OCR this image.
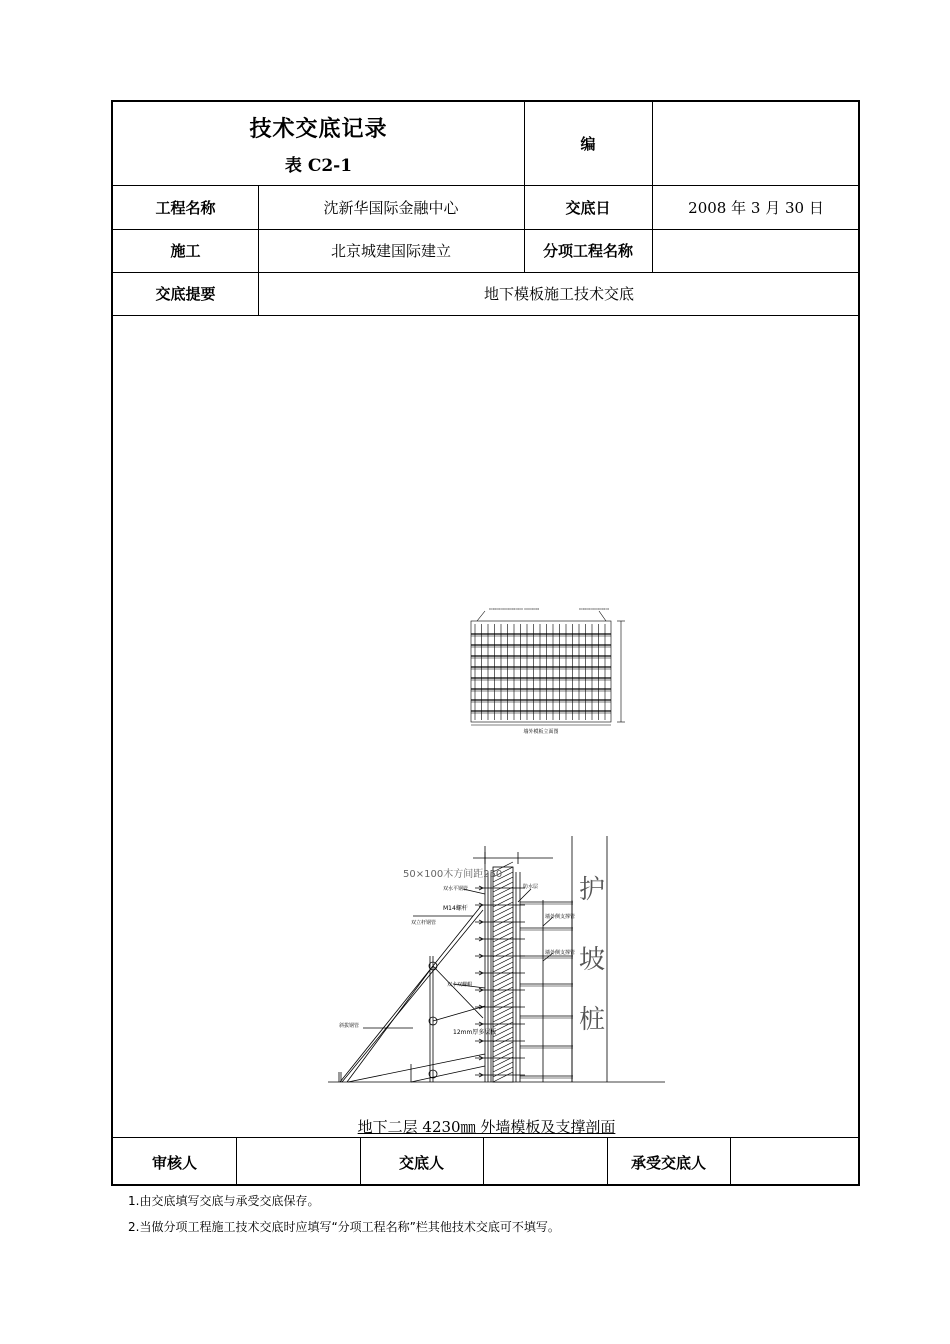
技术交底记录
表 C2-1
编
工程名称	沈新华国际金融中心	交底日	2008 年 3 月 30 日
施工	北京城建国际建立	分项工程名称
交底提要	地下模板施工技术交底
▭▭▭▭▭▭▭▭▭ ▭▭▭▭	▭▭▭▭▭▭▭▭
墙外模板立面图
50×100木方间距250
双水平钢管
M14螺杆
双立杆钢管
双卡双螺帽
斜拔钢管
12mm厚多层板
防水层
墙外侧支撑管
墙外侧支撑管
护
坡
桩
地下二层 4230㎜ 外墙模板及支撑剖面
审核人	交底人	承受交底人
1.由交底填写交底与承受交底保存。
2.当做分项工程施工技术交底时应填写“分项工程名称”栏其他技术交底可不填写。
